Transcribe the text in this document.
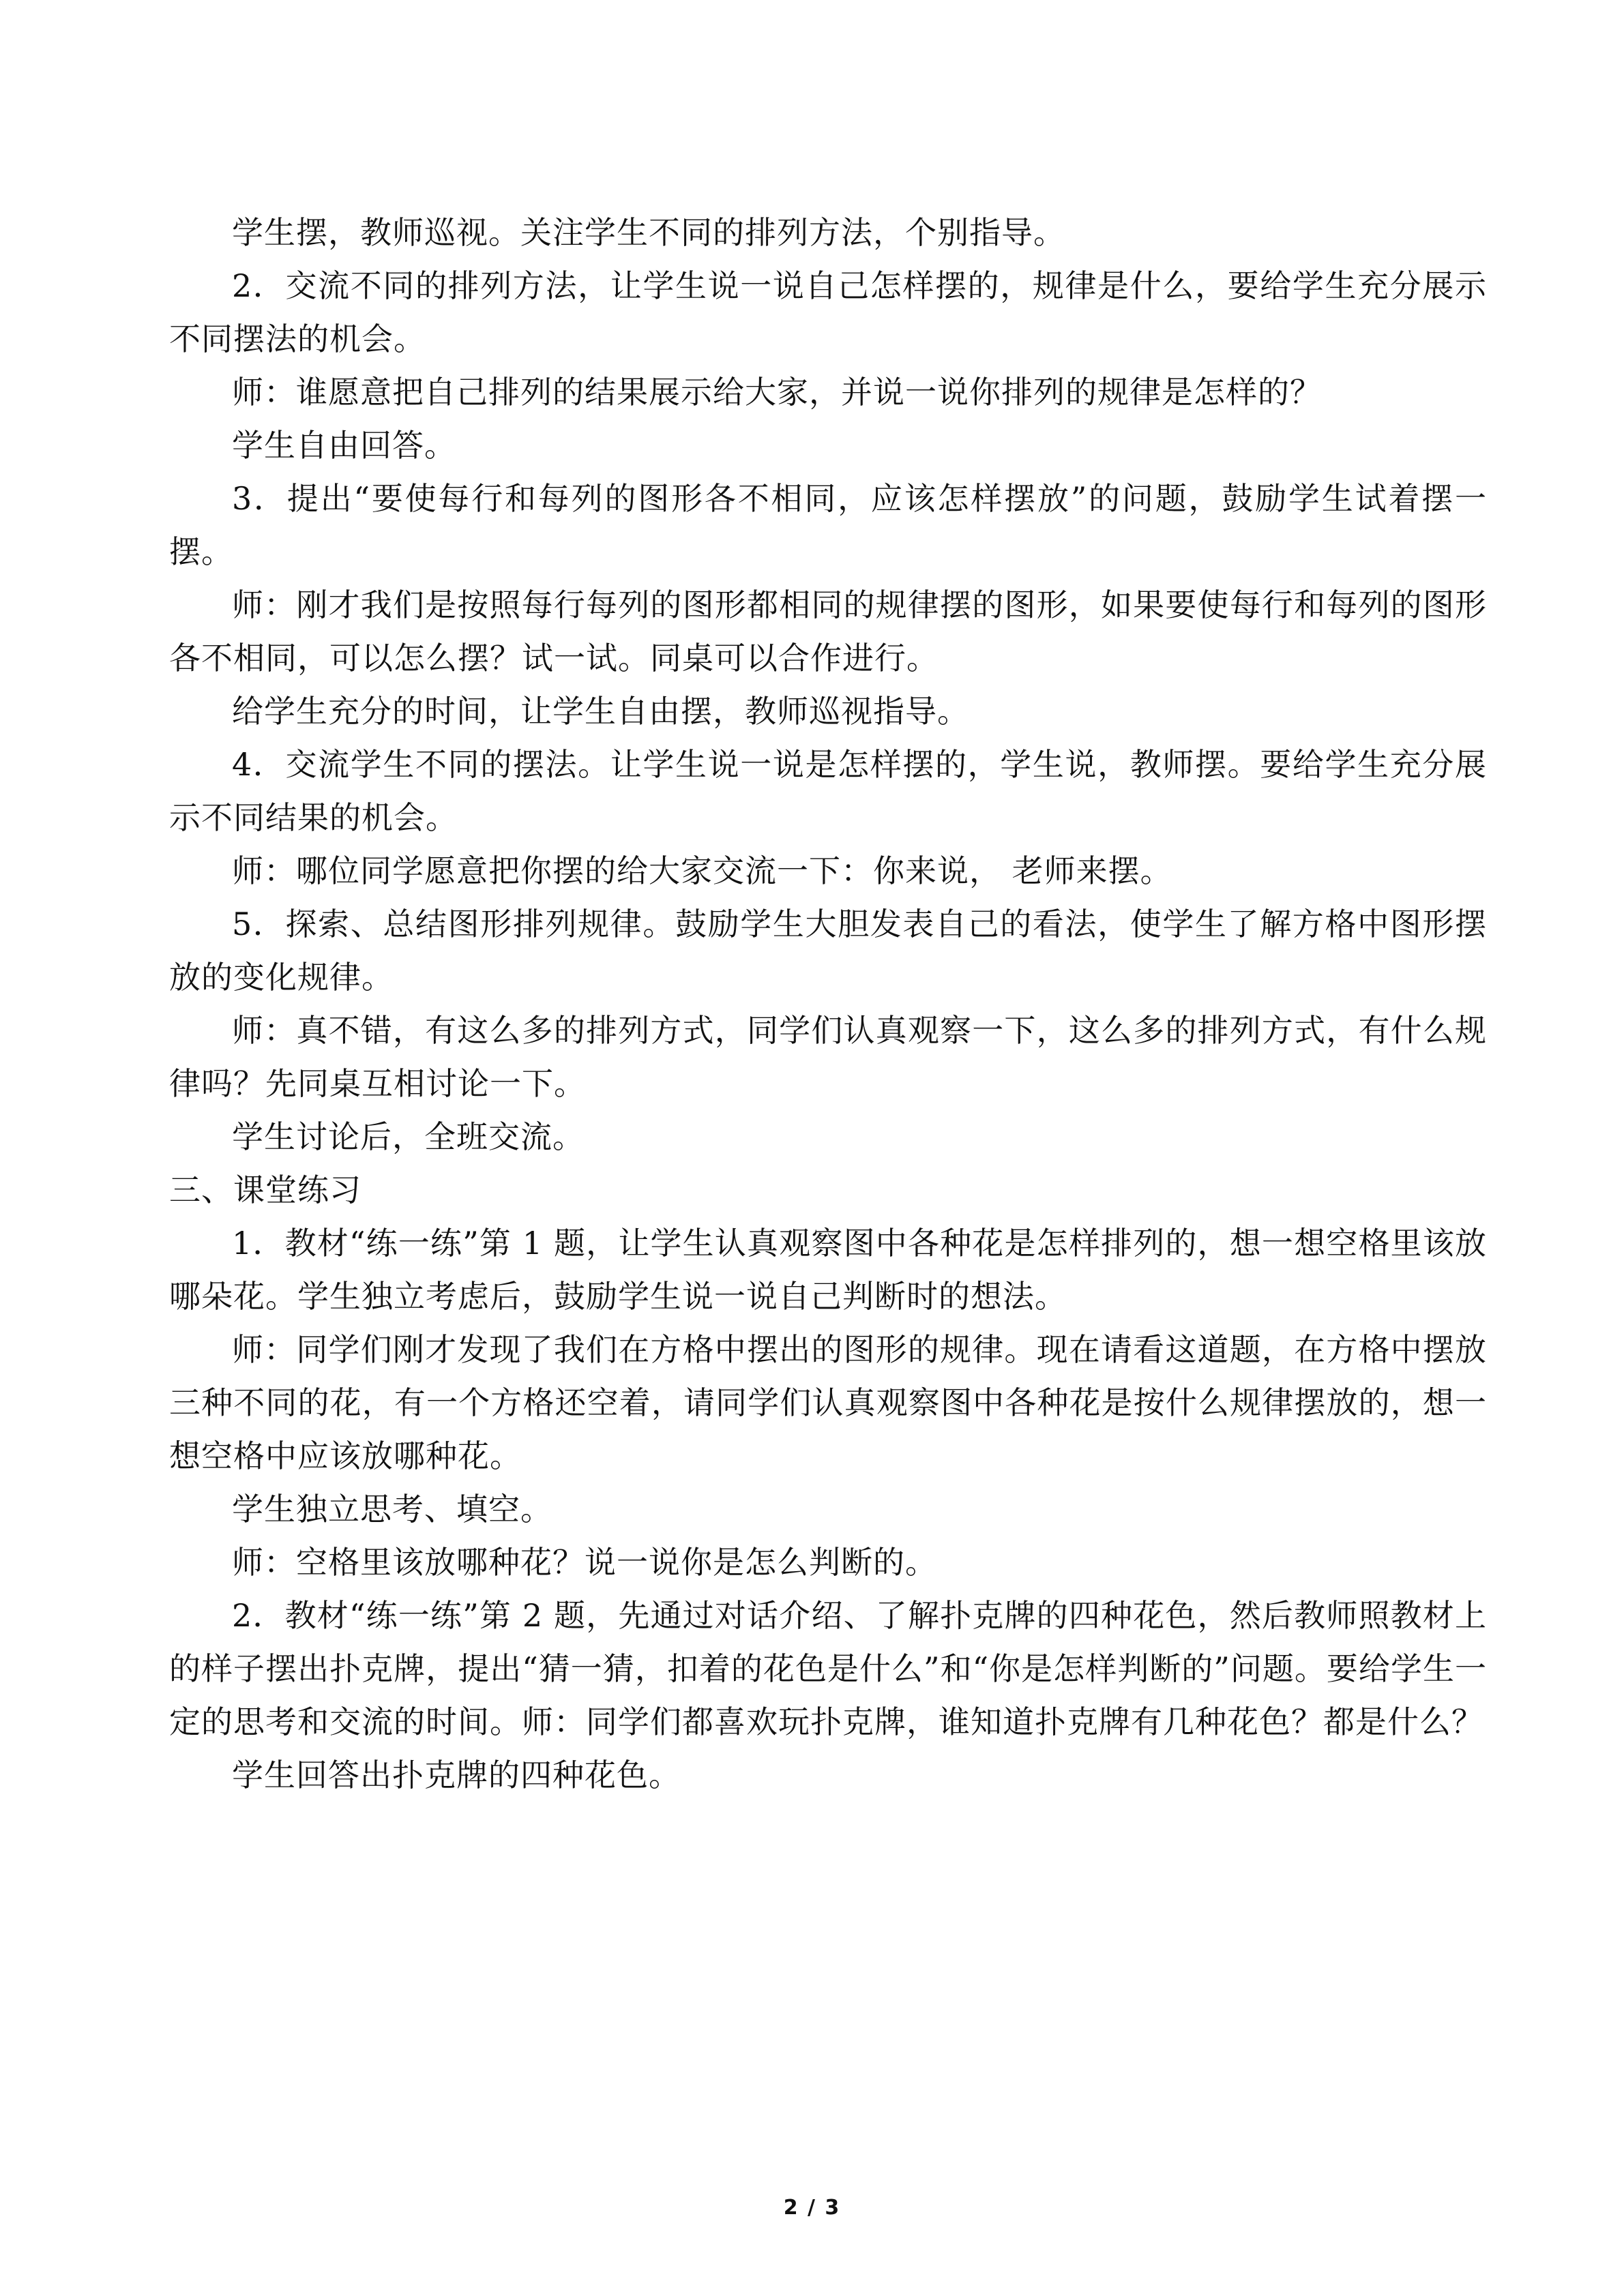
学生摆，教师巡视。关注学生不同的排列方法，个别指导。

2．交流不同的排列方法，让学生说一说自己怎样摆的，规律是什么，要给学生充分展示不同摆法的机会。

师：谁愿意把自己排列的结果展示给大家，并说一说你排列的规律是怎样的？

学生自由回答。

3．提出“要使每行和每列的图形各不相同，应该怎样摆放”的问题，鼓励学生试着摆一摆。

师：刚才我们是按照每行每列的图形都相同的规律摆的图形，如果要使每行和每列的图形各不相同，可以怎么摆？试一试。同桌可以合作进行。

给学生充分的时间，让学生自由摆，教师巡视指导。

4．交流学生不同的摆法。让学生说一说是怎样摆的，学生说，教师摆。要给学生充分展示不同结果的机会。

师：哪位同学愿意把你摆的给大家交流一下：你来说， 老师来摆。

5．探索、总结图形排列规律。鼓励学生大胆发表自己的看法，使学生了解方格中图形摆放的变化规律。

师：真不错，有这么多的排列方式，同学们认真观察一下，这么多的排列方式，有什么规律吗？先同桌互相讨论一下。

学生讨论后，全班交流。

三、课堂练习

1．教材“练一练”第 1 题，让学生认真观察图中各种花是怎样排列的，想一想空格里该放哪朵花。学生独立考虑后，鼓励学生说一说自己判断时的想法。

师：同学们刚才发现了我们在方格中摆出的图形的规律。现在请看这道题，在方格中摆放三种不同的花，有一个方格还空着，请同学们认真观察图中各种花是按什么规律摆放的，想一想空格中应该放哪种花。

学生独立思考、填空。

师：空格里该放哪种花？说一说你是怎么判断的。

2．教材“练一练”第 2 题，先通过对话介绍、了解扑克牌的四种花色，然后教师照教材上的样子摆出扑克牌，提出“猜一猜，扣着的花色是什么”和“你是怎样判断的”问题。要给学生一定的思考和交流的时间。师：同学们都喜欢玩扑克牌，谁知道扑克牌有几种花色？都是什么？

学生回答出扑克牌的四种花色。

2 / 3
